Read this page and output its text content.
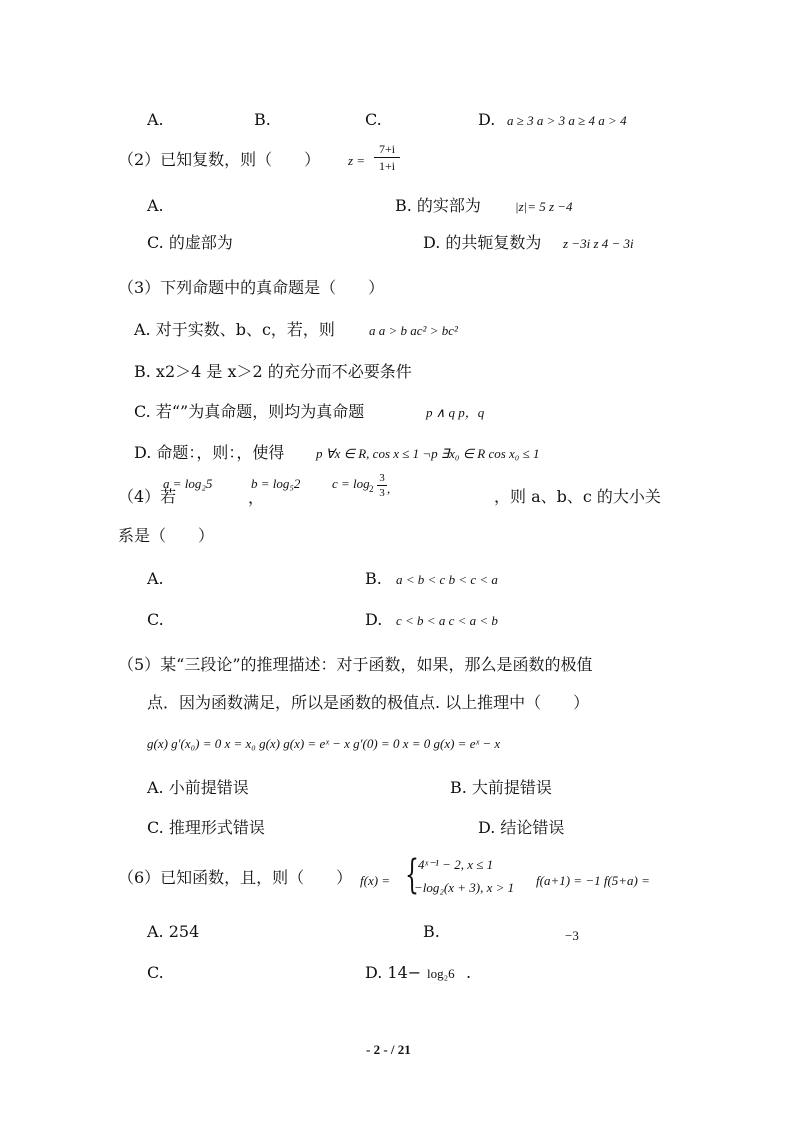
A.	B.	C.	D. a ≥ 3 a > 3 a ≥ 4 a > 4
（2）已知复数，则（　　） z =
7+i
1+i
A.	B. 的实部为	|z|= 5 z −4
C. 的虚部为	D. 的共轭复数为 z −3i z 4 − 3i
（3）下列命题中的真命题是（　　）
A. 对于实数、b、c，若，则	a a > b ac² > bc²
B. x2＞4 是 x＞2 的充分而不必要条件
C. 若“”为真命题，则均为真命题	p ∧ q p，q
D. 命题：，则：，使得 p ∀x ∈ R, cos x ≤ 1 ¬p ∃x₀ ∈ R cos x₀ ≤ 1
（4）若
a = log₂5
，
b = log₅2 c = log 2
3
3 ,	，则 a、b、c 的大小关
系是（　　）
A.	B. a < b < c b < c < a
C.	D. c < b < a c < a < b
（5）某“三段论”的推理描述：对于函数，如果，那么是函数的极值
点．因为函数满足，所以是函数的极值点. 以上推理中（　　）
g(x) g′(x₀) = 0 x = x₀ g(x) g(x) = eˣ − x g′(0) = 0 x = 0 g(x) = eˣ − x
A. 小前提错误	B. 大前提错误
C. 推理形式错误	D. 结论错误
（6）已知函数，且，则（　　） f(x) = { 4ˣ⁻¹ − 2, x ≤ 1
−log₂(x + 3), x > 1 f(a+1) = −1 f(5+a) =
A. 254	B.	−3
C.	D. 14− log₂6 .
- 2 - / 21
